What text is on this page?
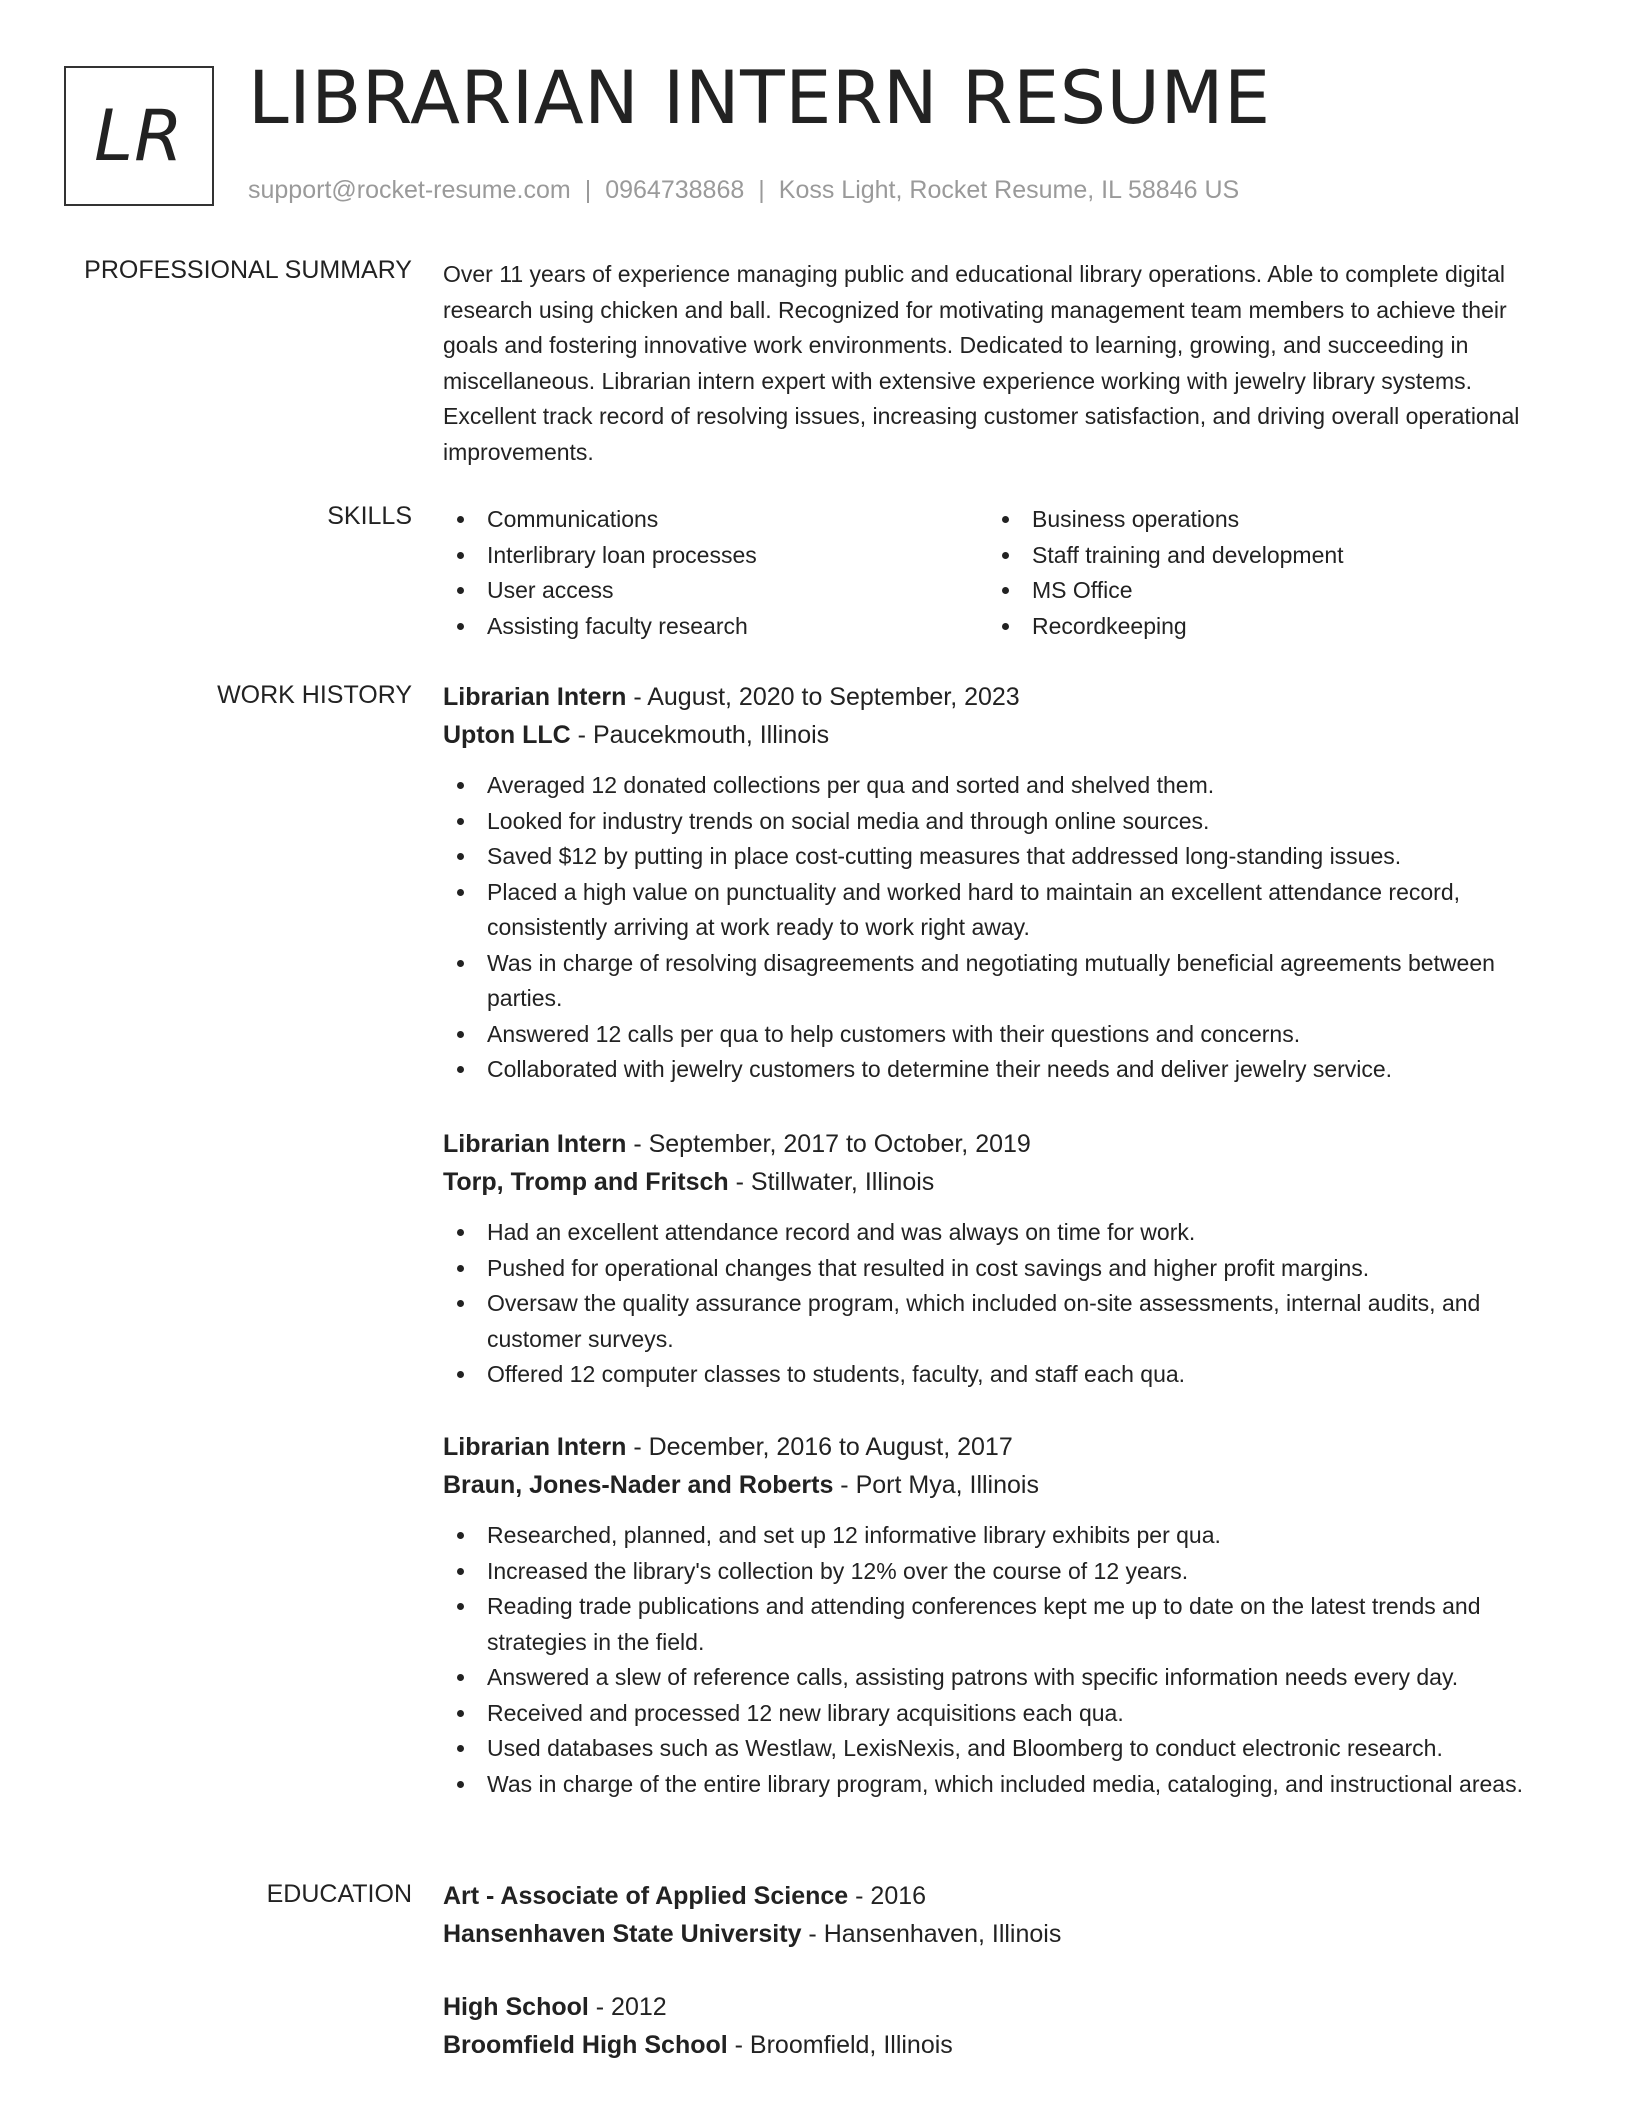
LR LIBRARIAN INTERN RESUME
support@rocket-resume.com | 0964738868 | Koss Light, Rocket Resume, IL 58846 US
PROFESSIONAL SUMMARY Over 11 years of experience managing public and educational library operations. Able to complete digital research using chicken and ball. Recognized for motivating management team members to achieve their goals and fostering innovative work environments. Dedicated to learning, growing, and succeeding in miscellaneous. Librarian intern expert with extensive experience working with jewelry library systems. Excellent track record of resolving issues, increasing customer satisfaction, and driving overall operational improvements.
SKILLS	Communications
Interlibrary loan processes
User access
Assisting faculty research
Business operations
Staff training and development
MS Office
Recordkeeping
WORK HISTORY Librarian Intern - August, 2020 to September, 2023
Upton LLC - Paucekmouth, Illinois
Averaged 12 donated collections per qua and sorted and shelved them.
Looked for industry trends on social media and through online sources.
Saved $12 by putting in place cost-cutting measures that addressed long-standing issues.
Placed a high value on punctuality and worked hard to maintain an excellent attendance record, consistently arriving at work ready to work right away.
Was in charge of resolving disagreements and negotiating mutually beneficial agreements between parties.
Answered 12 calls per qua to help customers with their questions and concerns.
Collaborated with jewelry customers to determine their needs and deliver jewelry service.
Librarian Intern - September, 2017 to October, 2019
Torp, Tromp and Fritsch - Stillwater, Illinois
Had an excellent attendance record and was always on time for work.
Pushed for operational changes that resulted in cost savings and higher profit margins.
Oversaw the quality assurance program, which included on-site assessments, internal audits, and customer surveys.
Offered 12 computer classes to students, faculty, and staff each qua.
Librarian Intern - December, 2016 to August, 2017
Braun, Jones-Nader and Roberts - Port Mya, Illinois
Researched, planned, and set up 12 informative library exhibits per qua.
Increased the library's collection by 12% over the course of 12 years.
Reading trade publications and attending conferences kept me up to date on the latest trends and strategies in the field.
Answered a slew of reference calls, assisting patrons with specific information needs every day.
Received and processed 12 new library acquisitions each qua.
Used databases such as Westlaw, LexisNexis, and Bloomberg to conduct electronic research.
Was in charge of the entire library program, which included media, cataloging, and instructional areas.
EDUCATION Art - Associate of Applied Science - 2016
Hansenhaven State University - Hansenhaven, Illinois
High School - 2012
Broomfield High School - Broomfield, Illinois
